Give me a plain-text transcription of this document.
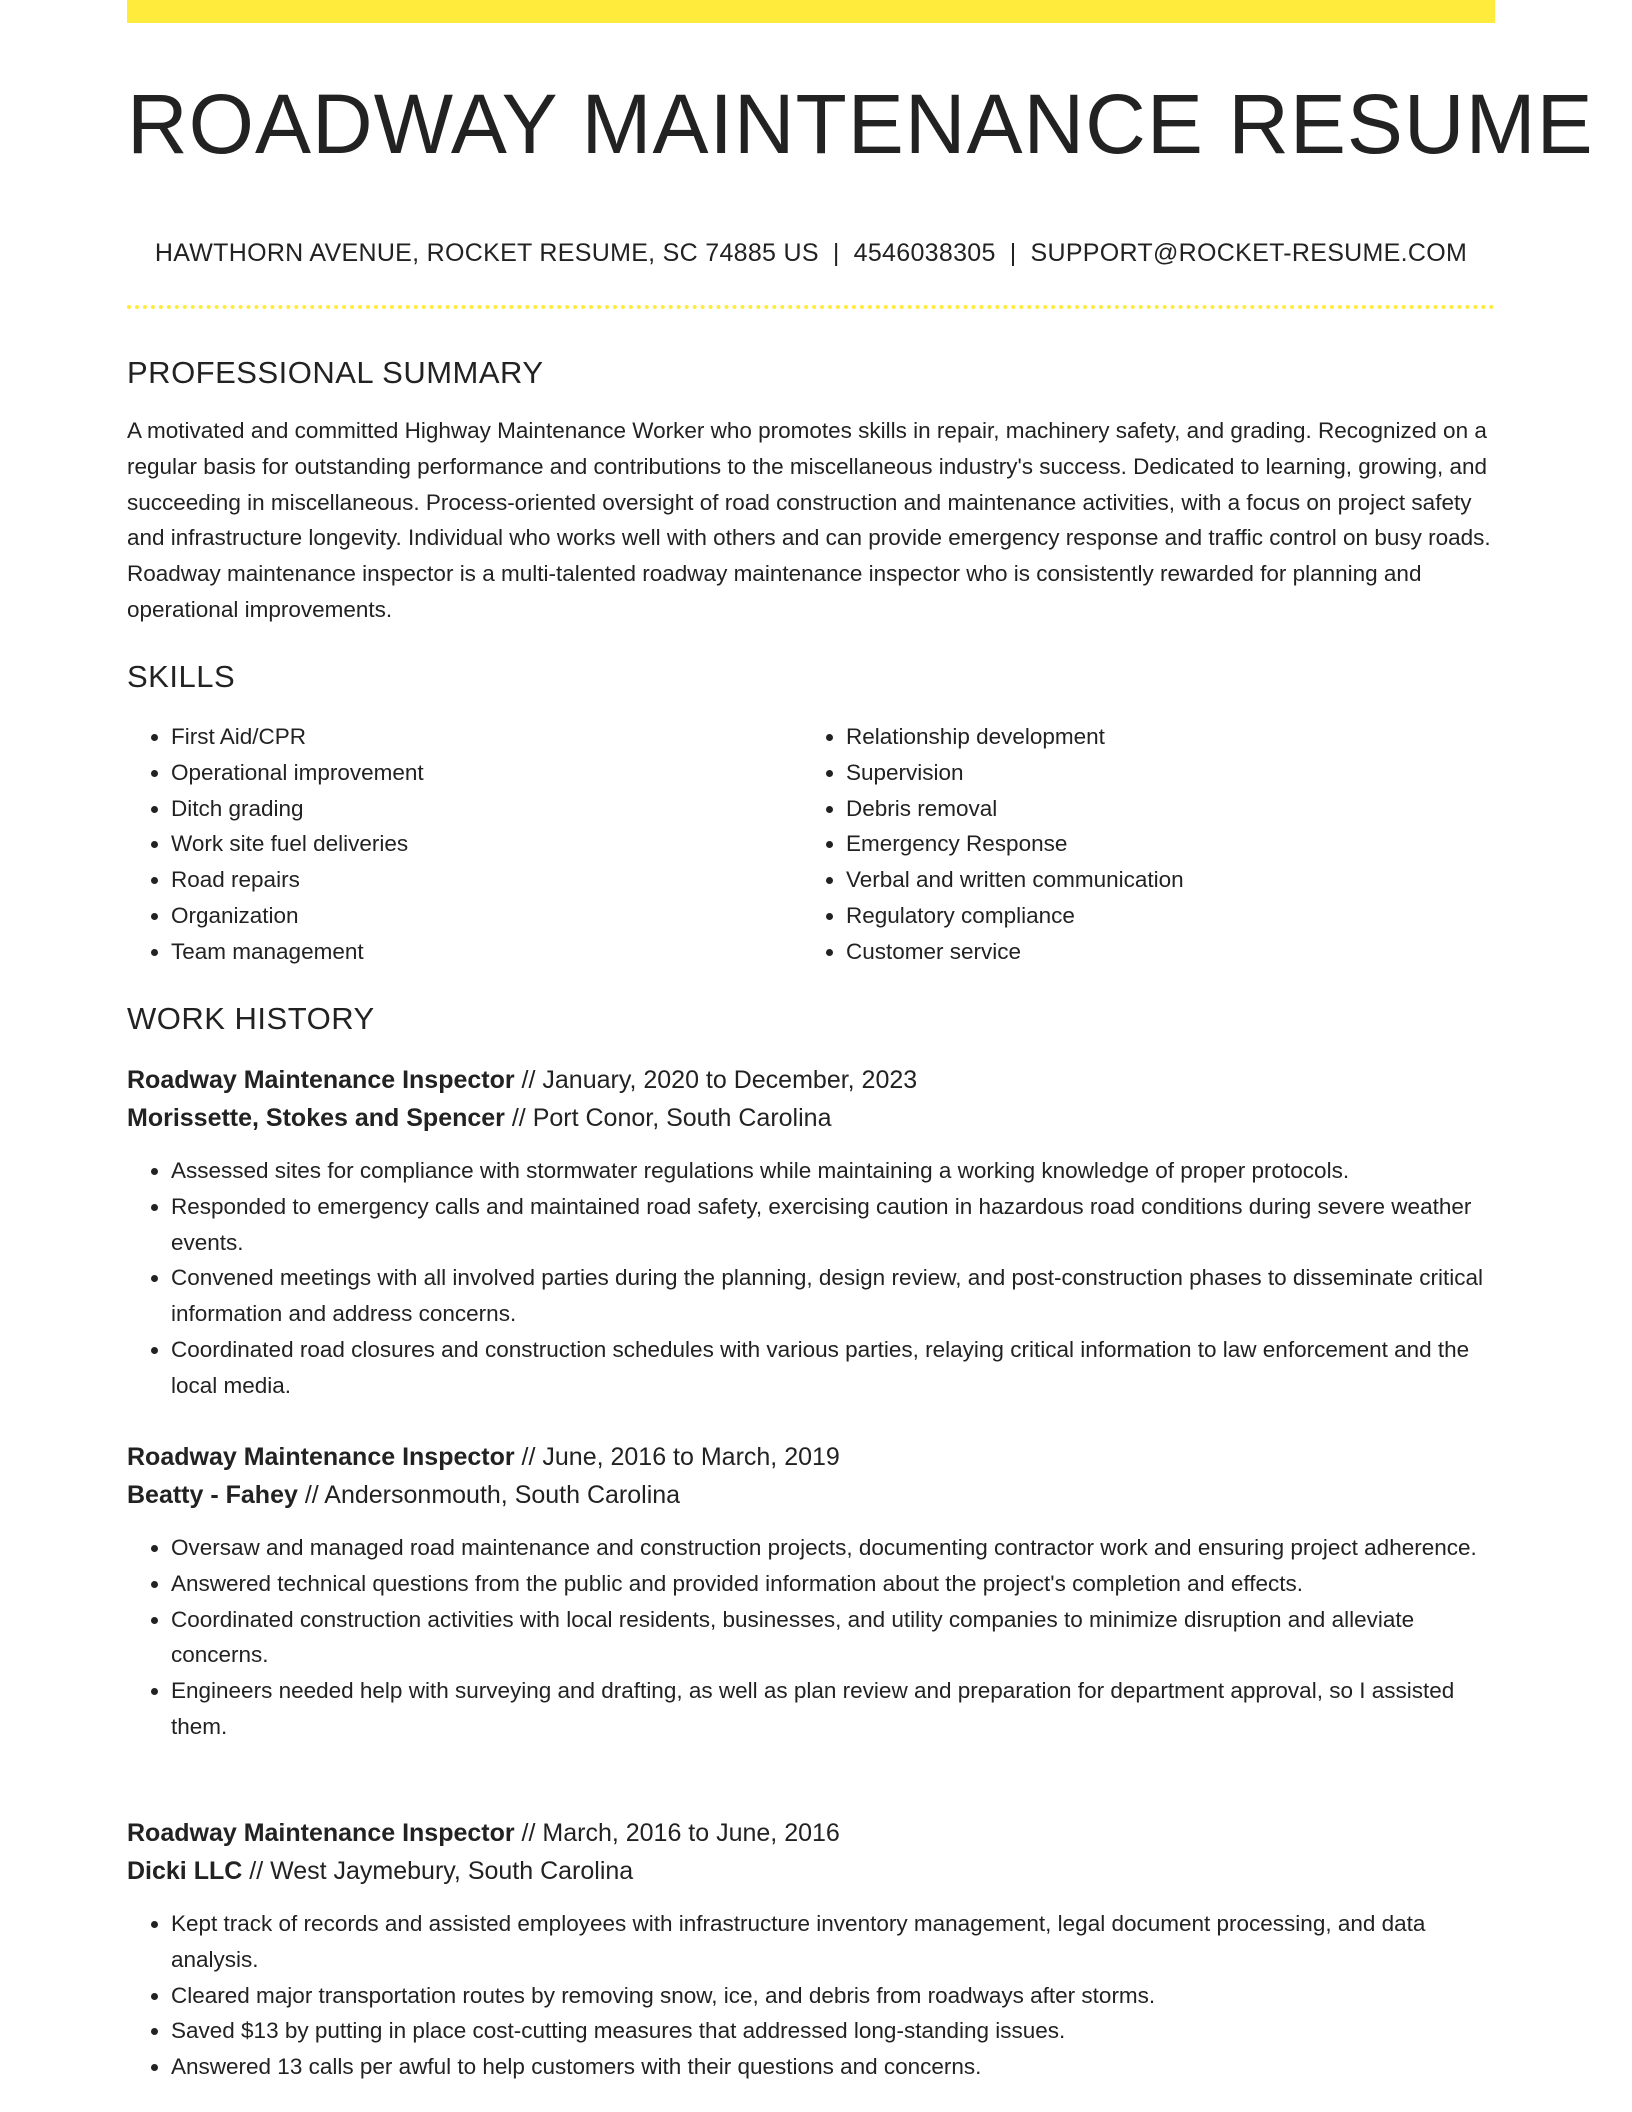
ROADWAY MAINTENANCE RESUME
HAWTHORN AVENUE, ROCKET RESUME, SC 74885 US | 4546038305 | SUPPORT@ROCKET-RESUME.COM
PROFESSIONAL SUMMARY
A motivated and committed Highway Maintenance Worker who promotes skills in repair, machinery safety, and grading. Recognized on a regular basis for outstanding performance and contributions to the miscellaneous industry's success. Dedicated to learning, growing, and succeeding in miscellaneous. Process-oriented oversight of road construction and maintenance activities, with a focus on project safety and infrastructure longevity. Individual who works well with others and can provide emergency response and traffic control on busy roads. Roadway maintenance inspector is a multi-talented roadway maintenance inspector who is consistently rewarded for planning and operational improvements.
SKILLS
• First Aid/CPR
• Operational improvement
• Ditch grading
• Work site fuel deliveries
• Road repairs
• Organization
• Team management
• Relationship development
• Supervision
• Debris removal
• Emergency Response
• Verbal and written communication
• Regulatory compliance
• Customer service
WORK HISTORY
Roadway Maintenance Inspector // January, 2020 to December, 2023
Morissette, Stokes and Spencer // Port Conor, South Carolina
• Assessed sites for compliance with stormwater regulations while maintaining a working knowledge of proper protocols.
• Responded to emergency calls and maintained road safety, exercising caution in hazardous road conditions during severe weather events.
• Convened meetings with all involved parties during the planning, design review, and post-construction phases to disseminate critical information and address concerns.
• Coordinated road closures and construction schedules with various parties, relaying critical information to law enforcement and the local media.
Roadway Maintenance Inspector // June, 2016 to March, 2019
Beatty - Fahey // Andersonmouth, South Carolina
• Oversaw and managed road maintenance and construction projects, documenting contractor work and ensuring project adherence.
• Answered technical questions from the public and provided information about the project's completion and effects.
• Coordinated construction activities with local residents, businesses, and utility companies to minimize disruption and alleviate concerns.
• Engineers needed help with surveying and drafting, as well as plan review and preparation for department approval, so I assisted them.
Roadway Maintenance Inspector // March, 2016 to June, 2016
Dicki LLC // West Jaymebury, South Carolina
• Kept track of records and assisted employees with infrastructure inventory management, legal document processing, and data analysis.
• Cleared major transportation routes by removing snow, ice, and debris from roadways after storms.
• Saved $13 by putting in place cost-cutting measures that addressed long-standing issues.
• Answered 13 calls per awful to help customers with their questions and concerns.
